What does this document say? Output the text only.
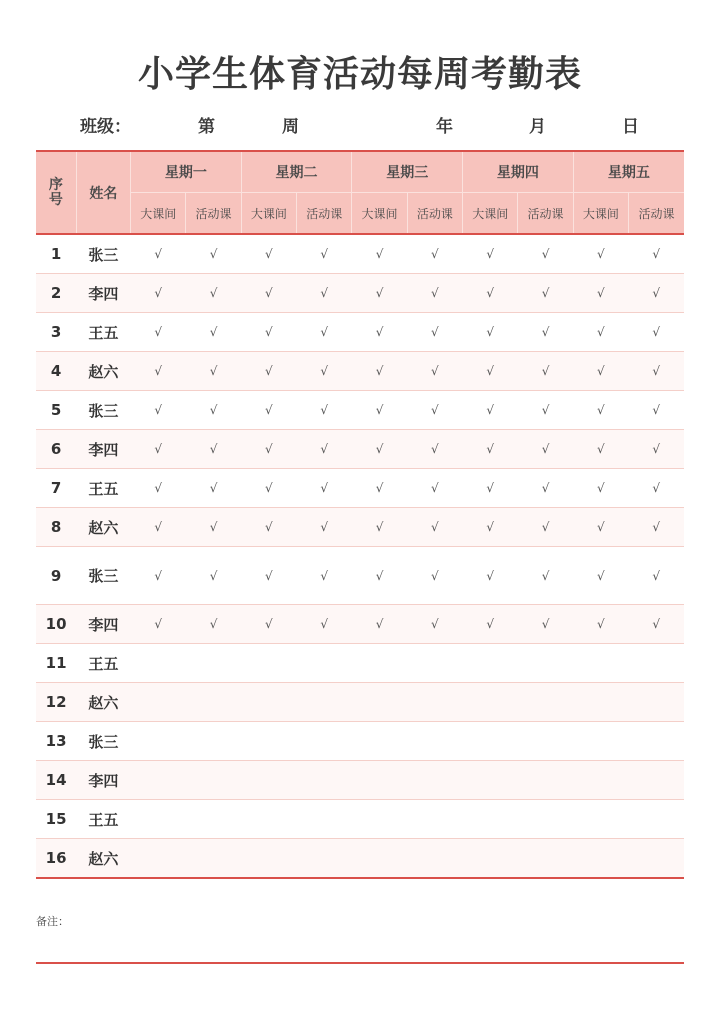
小学生体育活动每周考勤表
班级：	第	周	年	月	日
序号	姓名	星期一		星期二		星期三		星期四		星期五	
		大课间	活动课	大课间	活动课	大课间	活动课	大课间	活动课	大课间	活动课
1	张三	√	√	√	√	√	√	√	√	√	√
2	李四	√	√	√	√	√	√	√	√	√	√
3	王五	√	√	√	√	√	√	√	√	√	√
4	赵六	√	√	√	√	√	√	√	√	√	√
5	张三	√	√	√	√	√	√	√	√	√	√
6	李四	√	√	√	√	√	√	√	√	√	√
7	王五	√	√	√	√	√	√	√	√	√	√
8	赵六	√	√	√	√	√	√	√	√	√	√
9	张三	√	√	√	√	√	√	√	√	√	√
10	李四	√	√	√	√	√	√	√	√	√	√
11	王五										
12	赵六										
13	张三										
14	李四										
15	王五										
16	赵六										
备注：
